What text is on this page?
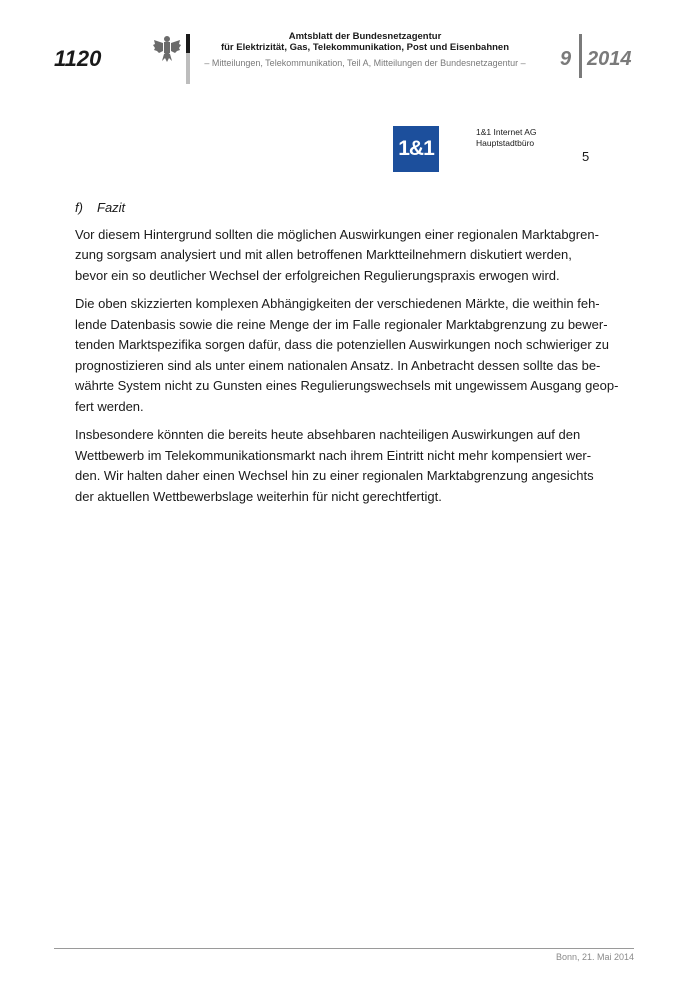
1120
Amtsblatt der Bundesnetzagentur
für Elektrizität, Gas, Telekommunikation, Post und Eisenbahnen
– Mitteilungen, Telekommunikation, Teil A, Mitteilungen der Bundesnetzagentur –	9 2014
1&1
1&1 Internet AG
Hauptstadtbüro
5
f) Fazit

Vor diesem Hintergrund sollten die möglichen Auswirkungen einer regionalen Marktabgren-
zung sorgsam analysiert und mit allen betroffenen Marktteilnehmern diskutiert werden,
bevor ein so deutlicher Wechsel der erfolgreichen Regulierungspraxis erwogen wird.

Die oben skizzierten komplexen Abhängigkeiten der verschiedenen Märkte, die weithin feh-
lende Datenbasis sowie die reine Menge der im Falle regionaler Marktabgrenzung zu bewer-
tenden Marktspezifika sorgen dafür, dass die potenziellen Auswirkungen noch schwieriger zu
prognostizieren sind als unter einem nationalen Ansatz. In Anbetracht dessen sollte das be-
währte System nicht zu Gunsten eines Regulierungswechsels mit ungewissem Ausgang geop-
fert werden.

Insbesondere könnten die bereits heute absehbaren nachteiligen Auswirkungen auf den
Wettbewerb im Telekommunikationsmarkt nach ihrem Eintritt nicht mehr kompensiert wer-
den. Wir halten daher einen Wechsel hin zu einer regionalen Marktabgrenzung angesichts
der aktuellen Wettbewerbslage weiterhin für nicht gerechtfertigt.

Bonn, 21. Mai 2014
